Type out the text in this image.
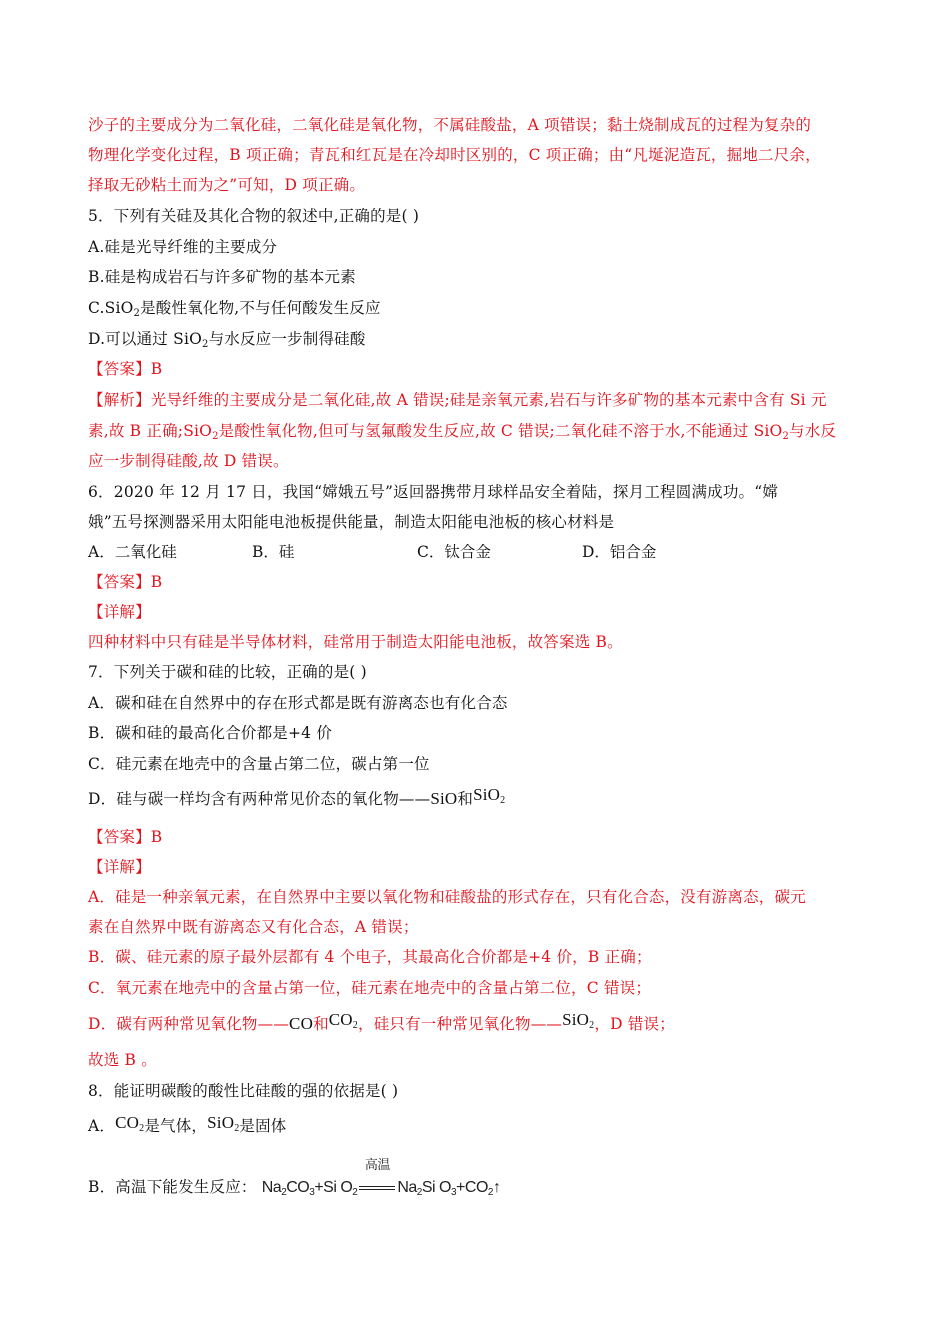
沙子的主要成分为二氧化硅，二氧化硅是氧化物，不属硅酸盐，A 项错误；黏土烧制成瓦的过程为复杂的
物理化学变化过程，B 项正确；青瓦和红瓦是在冷却时区别的，C 项正确；由“凡埏泥造瓦，掘地二尺余，
择取无砂粘土而为之”可知，D 项正确。
5．下列有关硅及其化合物的叙述中,正确的是( )
A.硅是光导纤维的主要成分
B.硅是构成岩石与许多矿物的基本元素
C.SiO$_2$是酸性氧化物,不与任何酸发生反应
D.可以通过 SiO$_2$与水反应一步制得硅酸
【答案】B
【解析】光导纤维的主要成分是二氧化硅,故 A 错误;硅是亲氧元素,岩石与许多矿物的基本元素中含有 Si 元
素,故 B 正确;SiO$_2$是酸性氧化物,但可与氢氟酸发生反应,故 C 错误;二氧化硅不溶于水,不能通过 SiO$_2$与水反
应一步制得硅酸,故 D 错误。
6．2020 年 12 月 17 日，我国“嫦娥五号”返回器携带月球样品安全着陆，探月工程圆满成功。“嫦
娥”五号探测器采用太阳能电池板提供能量，制造太阳能电池板的核心材料是
A．二氧化硅	B．硅	C．钛合金	D．铝合金
【答案】B
【详解】
四种材料中只有硅是半导体材料，硅常用于制造太阳能电池板，故答案选 B。
7．下列关于碳和硅的比较，正确的是( )
A．碳和硅在自然界中的存在形式都是既有游离态也有化合态
B．碳和硅的最高化合价都是+4 价
C．硅元素在地壳中的含量占第二位，碳占第一位
D．硅与碳一样均含有两种常见价态的氧化物——SiO和SiO$_2$
【答案】B
【详解】
A．硅是一种亲氧元素，在自然界中主要以氧化物和硅酸盐的形式存在，只有化合态，没有游离态，碳元
素在自然界中既有游离态又有化合态，A 错误；
B．碳、硅元素的原子最外层都有 4 个电子，其最高化合价都是+4 价，B 正确；
C．氧元素在地壳中的含量占第一位，硅元素在地壳中的含量占第二位，C 错误；
D．碳有两种常见氧化物——CO和$CO_2$，硅只有一种常见氧化物——SiO$_2$，D 错误；
故选 B 。
8．能证明碳酸的酸性比硅酸的强的依据是( )
A．$CO_2$是气体，SiO$_2$是固体
B．高温下能发生反应： $Na_2CO_3+Si$ $O_2$
高温
$Na_2Si$ $O_3+CO_2↑$
